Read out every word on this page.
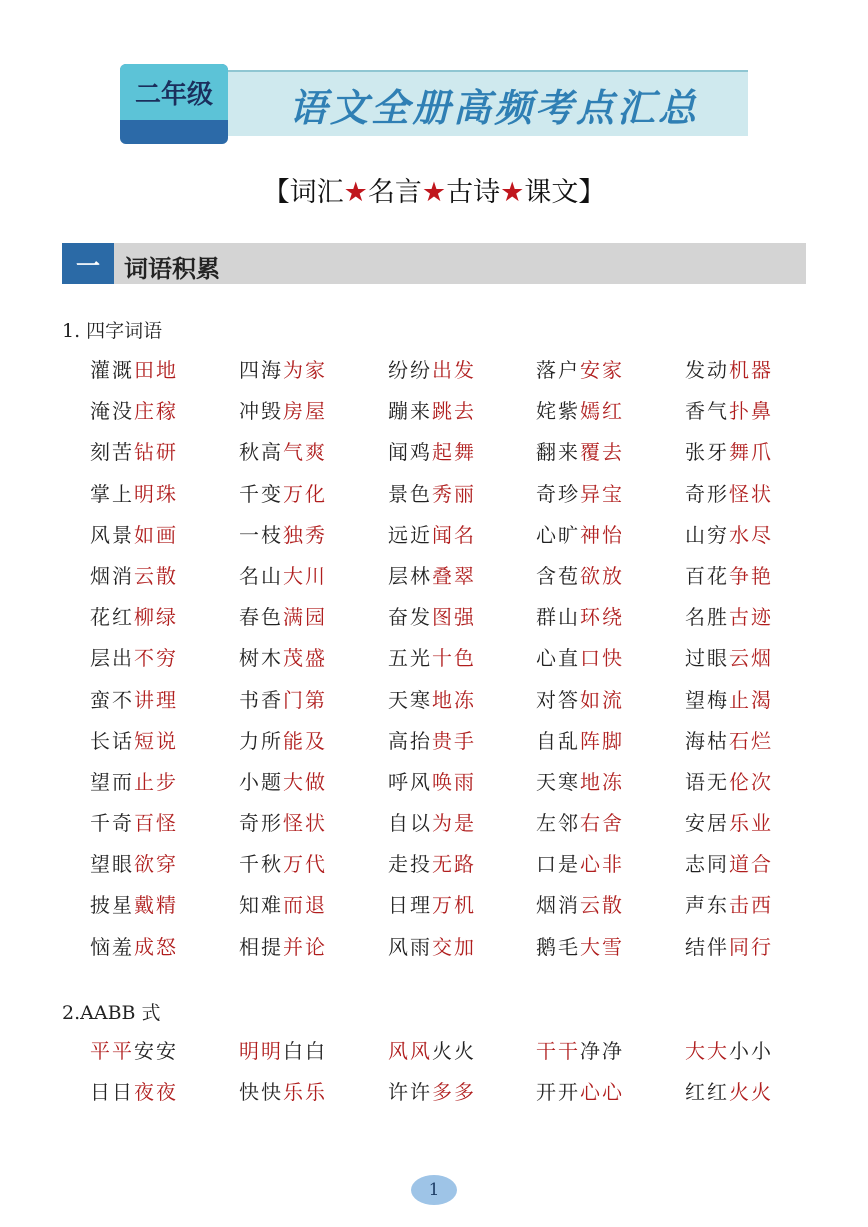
语文全册高频考点汇总
二年级
【词汇★名言★古诗★课文】
一	词语积累
1. 四字词语
灌溉田地	四海为家	纷纷出发	落户安家	发动机器
淹没庄稼	冲毁房屋	蹦来跳去	姹紫嫣红	香气扑鼻
刻苦钻研	秋高气爽	闻鸡起舞	翻来覆去	张牙舞爪
掌上明珠	千变万化	景色秀丽	奇珍异宝	奇形怪状
风景如画	一枝独秀	远近闻名	心旷神怡	山穷水尽
烟消云散	名山大川	层林叠翠	含苞欲放	百花争艳
花红柳绿	春色满园	奋发图强	群山环绕	名胜古迹
层出不穷	树木茂盛	五光十色	心直口快	过眼云烟
蛮不讲理	书香门第	天寒地冻	对答如流	望梅止渴
长话短说	力所能及	高抬贵手	自乱阵脚	海枯石烂
望而止步	小题大做	呼风唤雨	天寒地冻	语无伦次
千奇百怪	奇形怪状	自以为是	左邻右舍	安居乐业
望眼欲穿	千秋万代	走投无路	口是心非	志同道合
披星戴精	知难而退	日理万机	烟消云散	声东击西
恼羞成怒	相提并论	风雨交加	鹅毛大雪	结伴同行
2.AABB 式
平平安安	明明白白	风风火火	干干净净	大大小小
日日夜夜	快快乐乐	许许多多	开开心心	红红火火
1
